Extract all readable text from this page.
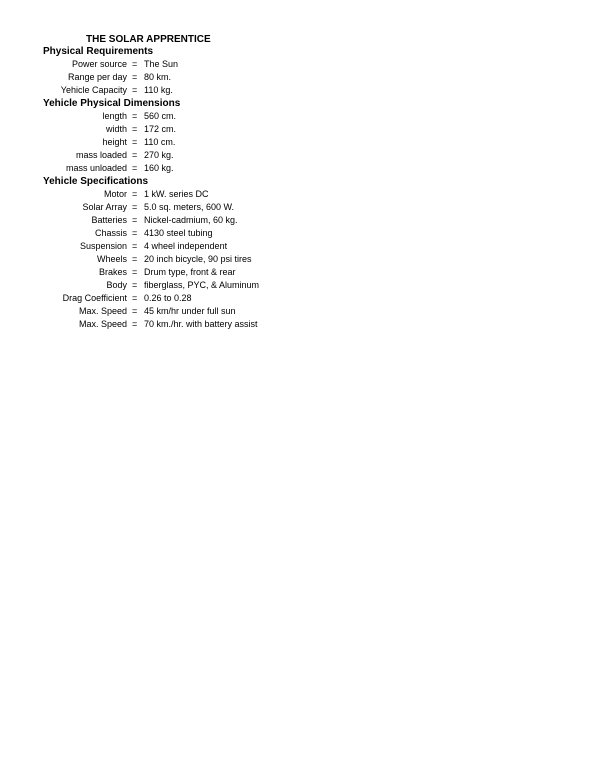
THE SOLAR APPRENTICE
Physical Requirements
Power source = The Sun
Range per day = 80 km.
Yehicle Capacity = 110 kg.
Yehicle Physical Dimensions
length = 560 cm.
width = 172 cm.
height = 110 cm.
mass loaded = 270 kg.
mass unloaded = 160 kg.
Yehicle Specifications
Motor = 1 kW. series DC
Solar Array = 5.0 sq. meters, 600 W.
Batteries = Nickel-cadmium, 60 kg.
Chassis = 4130 steel tubing
Suspension = 4 wheel independent
Wheels = 20 inch bicycle, 90 psi tires
Brakes = Drum type, front & rear
Body = fiberglass, PYC, & Aluminum
Drag Coefficient = 0.26 to 0.28
Max. Speed = 45 km/hr under full sun
Max. Speed = 70 km./hr. with battery assist
